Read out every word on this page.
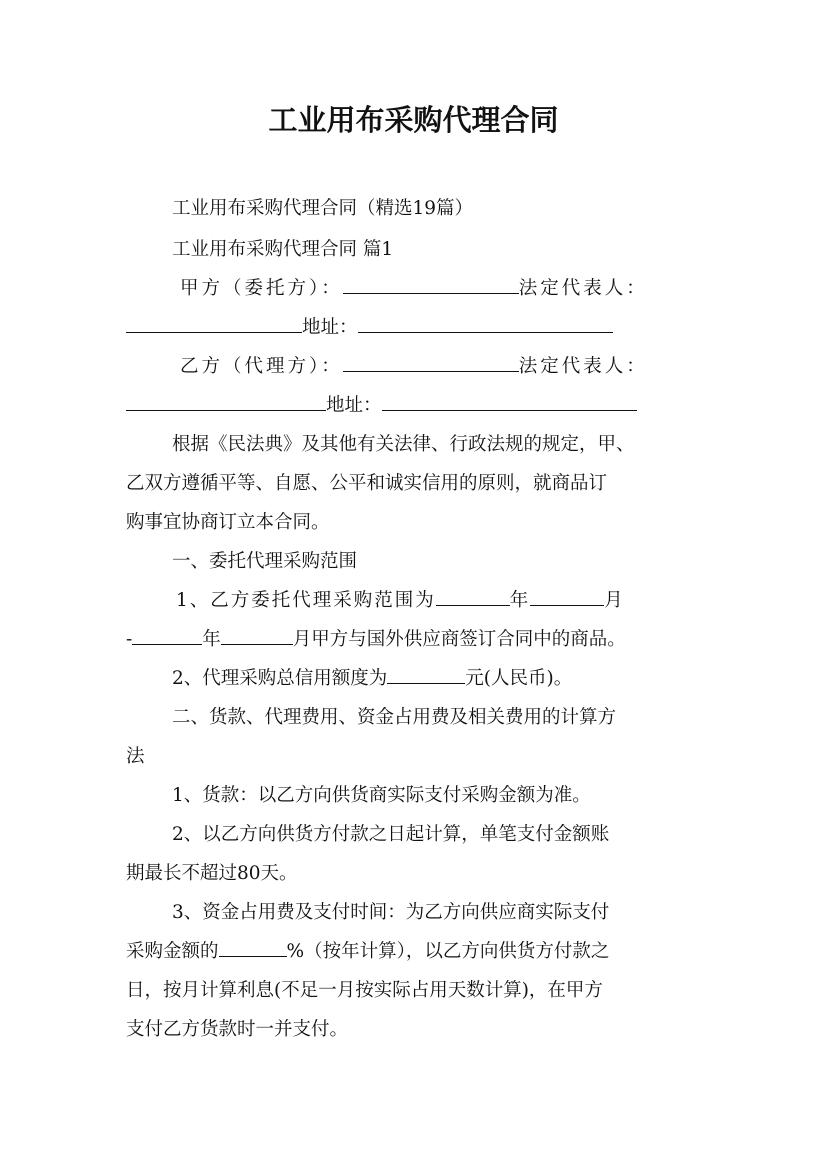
工业用布采购代理合同
工业用布采购代理合同（精选19篇）
工业用布采购代理合同 篇1
甲方（委托方）：	法定代表人：
地址：
乙方（代理方）：	法定代表人：
地址：
根据《民法典》及其他有关法律、行政法规的规定，甲、
乙双方遵循平等、自愿、公平和诚实信用的原则，就商品订
购事宜协商订立本合同。
一、委托代理采购范围
1、乙方委托代理采购范围为	年	月
-	年	月甲方与国外供应商签订合同中的商品。
2、代理采购总信用额度为	元(人民币)。
二、货款、代理费用、资金占用费及相关费用的计算方
法
1、货款：以乙方向供货商实际支付采购金额为准。
2、以乙方向供货方付款之日起计算，单笔支付金额账
期最长不超过80天。
3、资金占用费及支付时间：为乙方向供应商实际支付
采购金额的	%（按年计算），以乙方向供货方付款之
日，按月计算利息(不足一月按实际占用天数计算)，在甲方
支付乙方货款时一并支付。
